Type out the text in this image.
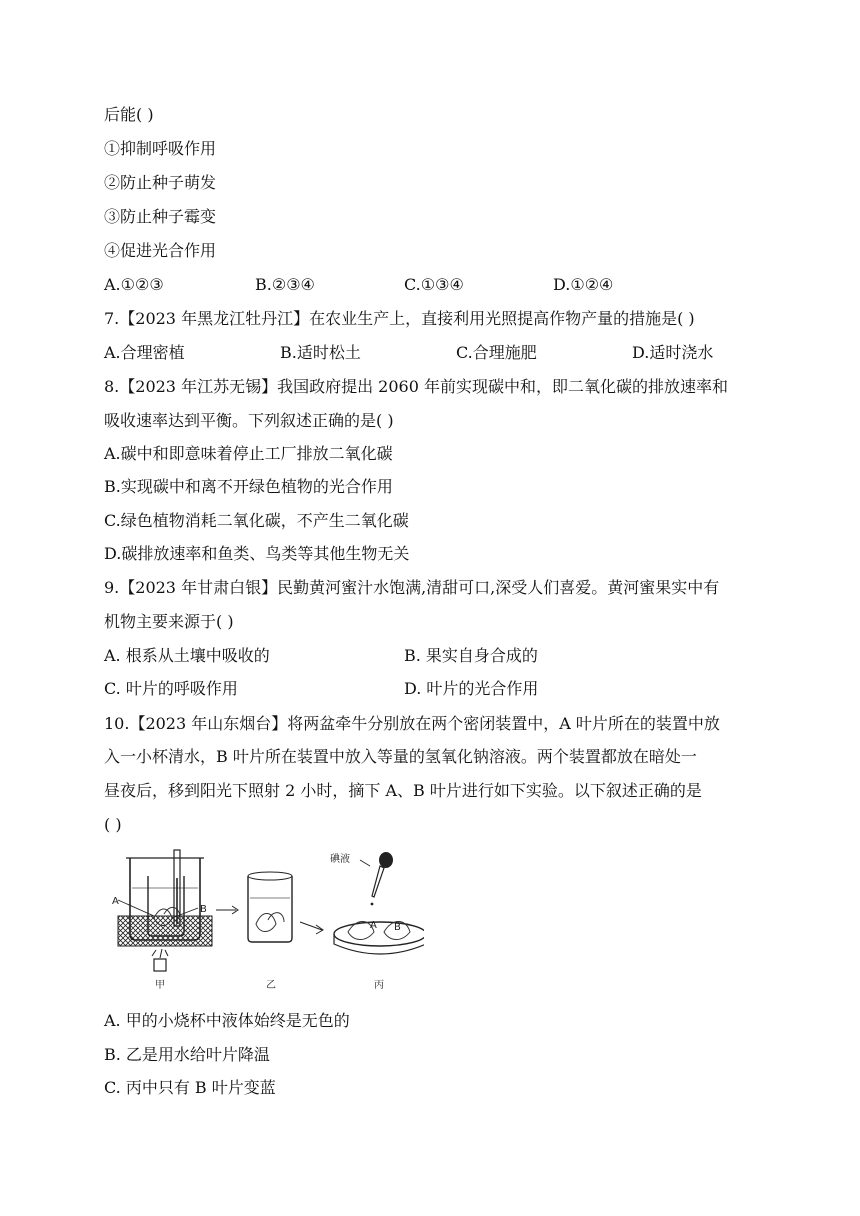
后能( )
①抑制呼吸作用
②防止种子萌发
③防止种子霉变
④促进光合作用
A.①②③	B.②③④	C.①③④	D.①②④
7.【2023 年黑龙江牡丹江】在农业生产上，直接利用光照提高作物产量的措施是( )
A.合理密植	B.适时松土	C.合理施肥	D.适时浇水
8.【2023 年江苏无锡】我国政府提出 2060 年前实现碳中和，即二氧化碳的排放速率和
吸收速率达到平衡。下列叙述正确的是( )
A.碳中和即意味着停止工厂排放二氧化碳
B.实现碳中和离不开绿色植物的光合作用
C.绿色植物消耗二氧化碳，不产生二氧化碳
D.碳排放速率和鱼类、鸟类等其他生物无关
9.【2023 年甘肃白银】民勤黄河蜜汁水饱满,清甜可口,深受人们喜爱。黄河蜜果实中有
机物主要来源于( )
A. 根系从土壤中吸收的	B. 果实自身合成的
C. 叶片的呼吸作用	D. 叶片的光合作用
10.【2023 年山东烟台】将两盆牵牛分别放在两个密闭装置中，A 叶片所在的装置中放
入一小杯清水，B 叶片所在装置中放入等量的氢氧化钠溶液。两个装置都放在暗处一
昼夜后，移到阳光下照射 2 小时，摘下 A、B 叶片进行如下实验。以下叙述正确的是
( )
A
B
甲	乙
碘液
A B
丙
A. 甲的小烧杯中液体始终是无色的
B. 乙是用水给叶片降温
C. 丙中只有 B 叶片变蓝
